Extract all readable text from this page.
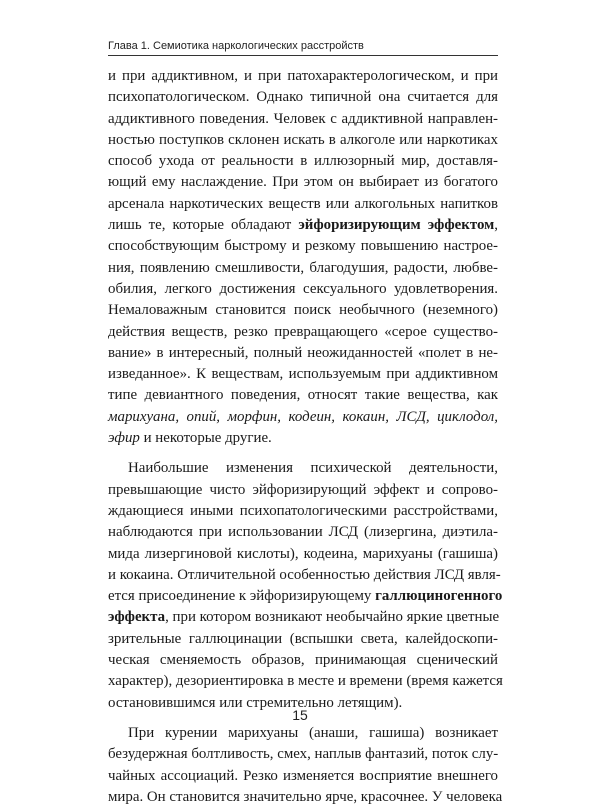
Глава 1. Семиотика наркологических расстройств
и при аддиктивном, и при патохарактерологическом, и при
психопатологическом. Однако типичной она считается для
аддиктивного поведения. Человек с аддиктивной направлен-
ностью поступков склонен искать в алкоголе или наркотиках
способ ухода от реальности в иллюзорный мир, доставля-
ющий ему наслаждение. При этом он выбирает из богатого
арсенала наркотических веществ или алкогольных напитков
лишь те, которые обладают эйфоризирующим эффектом,
способствующим быстрому и резкому повышению настрое-
ния, появлению смешливости, благодушия, радости, любве-
обилия, легкого достижения сексуального удовлетворения.
Немаловажным становится поиск необычного (неземного)
действия веществ, резко превращающего «серое существо-
вание» в интересный, полный неожиданностей «полет в не-
изведанное». К веществам, используемым при аддиктивном
типе девиантного поведения, относят такие вещества, как
марихуана, опий, морфин, кодеин, кокаин, ЛСД, циклодол,
эфир и некоторые другие.
Наибольшие изменения психической деятельности,
превышающие чисто эйфоризирующий эффект и сопрово-
ждающиеся иными психопатологическими расстройствами,
наблюдаются при использовании ЛСД (лизергина, диэтила-
мида лизергиновой кислоты), кодеина, марихуаны (гашиша)
и кокаина. Отличительной особенностью действия ЛСД явля-
ется присоединение к эйфоризирующему галлюциногенного
эффекта, при котором возникают необычайно яркие цветные
зрительные галлюцинации (вспышки света, калейдоскопи-
ческая сменяемость образов, принимающая сценический
характер), дезориентировка в месте и времени (время кажется
остановившимся или стремительно летящим).
При курении марихуаны (анаши, гашиша) возникает
безудержная болтливость, смех, наплыв фантазий, поток слу-
чайных ассоциаций. Резко изменяется восприятие внешнего
мира. Он становится значительно ярче, красочнее. У человека
15
